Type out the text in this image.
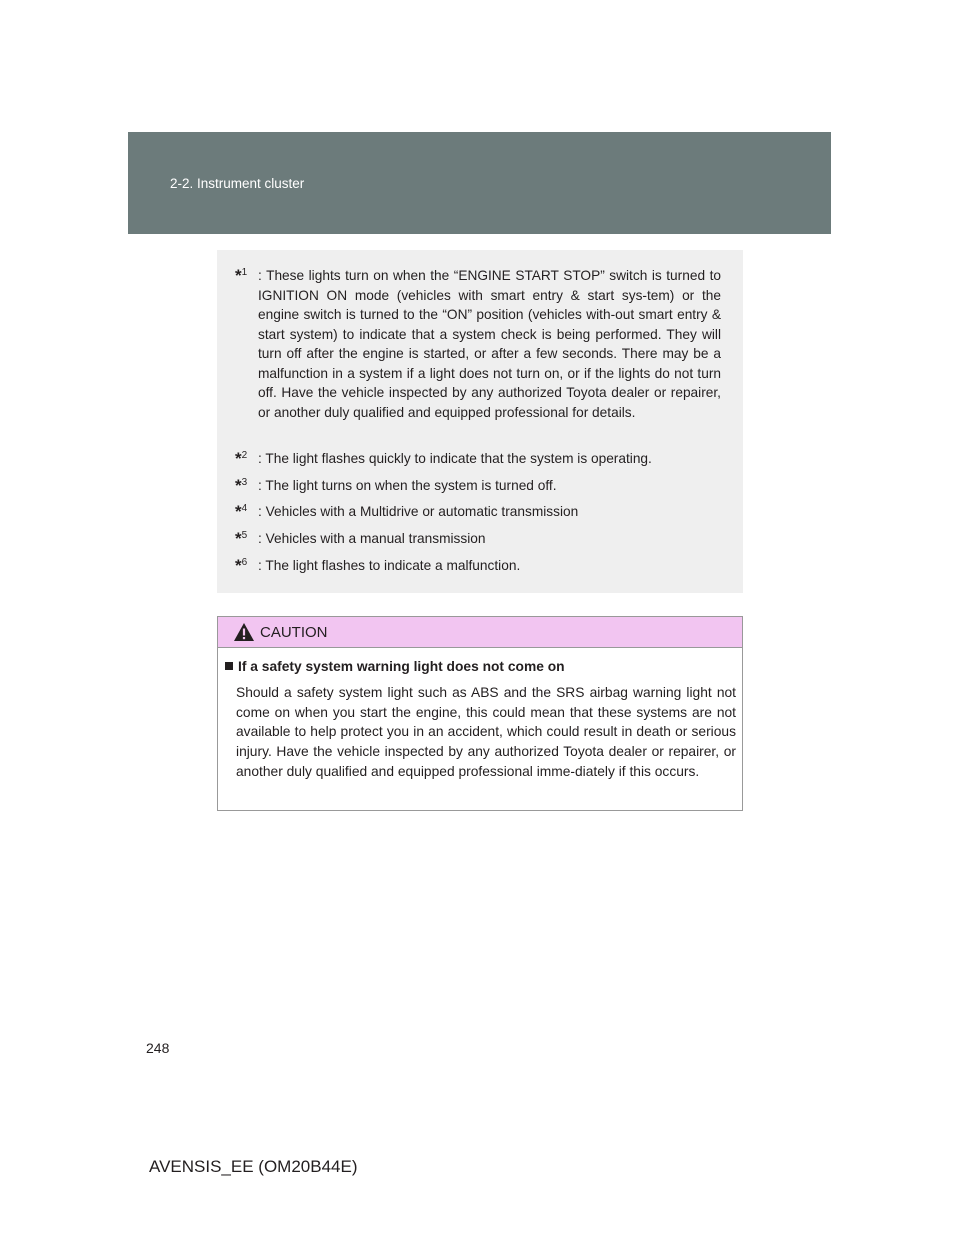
2-2. Instrument cluster
*$^1$ : These lights turn on when the “ENGINE START STOP” switch is turned to IGNITION ON mode (vehicles with smart entry & start sys-tem) or the engine switch is turned to the “ON” position (vehicles with-out smart entry & start system) to indicate that a system check is being performed. They will turn off after the engine is started, or after a few seconds. There may be a malfunction in a system if a light does not turn on, or if the lights do not turn off. Have the vehicle inspected by any authorized Toyota dealer or repairer, or another duly qualified and equipped professional for details.
*$^2$ : The light flashes quickly to indicate that the system is operating.
*$^3$ : The light turns on when the system is turned off.
*$^4$ : Vehicles with a Multidrive or automatic transmission
*$^5$ : Vehicles with a manual transmission
*$^6$ : The light flashes to indicate a malfunction.
CAUTION
If a safety system warning light does not come on
Should a safety system light such as ABS and the SRS airbag warning light not come on when you start the engine, this could mean that these systems are not available to help protect you in an accident, which could result in death or serious injury. Have the vehicle inspected by any authorized Toyota dealer or repairer, or another duly qualified and equipped professional imme-diately if this occurs.
248
AVENSIS_EE (OM20B44E)
